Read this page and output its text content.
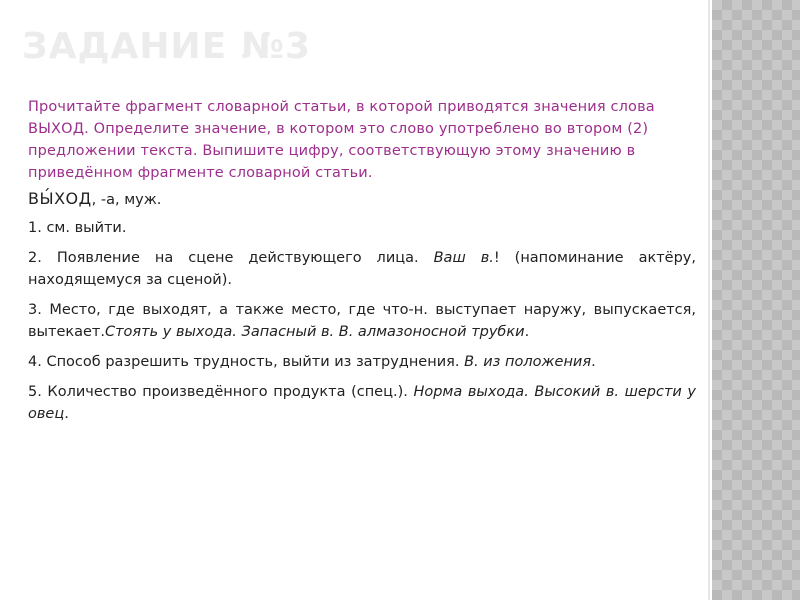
ЗАДАНИЕ №3

Прочитайте фрагмент словарной статьи, в которой приводятся значения слова ВЫХОД. Определите значение, в котором это слово употреблено во втором (2) предложении текста. Выпишите цифру, соответствующую этому значению в приведённом фрагменте словарной статьи.

ВЫ́ХОД, -а, муж.

1. см. выйти.

2. Появление на сцене действующего лица. Ваш в.! (напоминание актёру, находящемуся за сценой).

3. Место, где выходят, а также место, где что-н. выступает наружу, выпускается, вытекает.Стоять у выхода. Запасный в. В. алмазоносной трубки.

4. Способ разрешить трудность, выйти из затруднения. В. из положения.

5. Количество произведённого продукта (спец.). Норма выхода. Высокий в. шерсти у овец.
